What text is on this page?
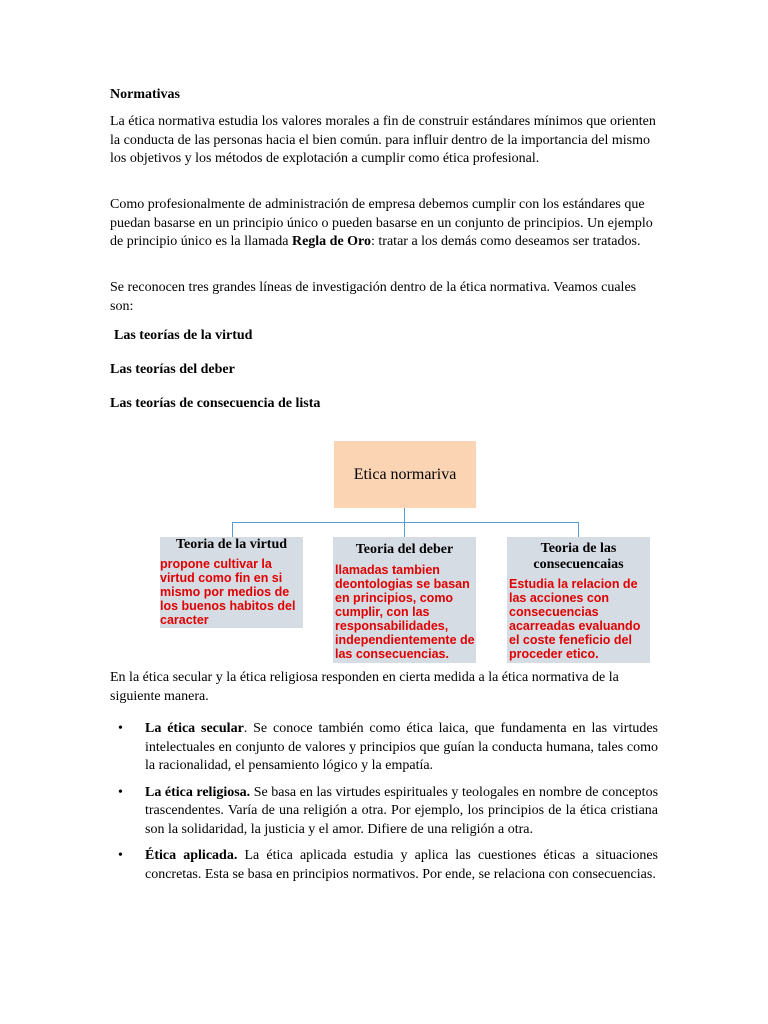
Normativas
La ética normativa estudia los valores morales a fin de construir estándares mínimos que orienten la conducta de las personas hacia el bien común. para influir dentro de la importancia del mismo los objetivos y los métodos de explotación a cumplir como ética profesional.
Como profesionalmente de administración de empresa debemos cumplir con los estándares que puedan basarse en un principio único o pueden basarse en un conjunto de principios. Un ejemplo de principio único es la llamada Regla de Oro: tratar a los demás como deseamos ser tratados.
Se reconocen tres grandes líneas de investigación dentro de la ética normativa. Veamos cuales son:
Las teorías de la virtud
Las teorías del deber
Las teorías de consecuencia de lista
Etica normariva
Teoria de la virtud
propone cultivar la virtud como fin en si mismo por medios de los buenos habitos del caracter
Teoria del deber
llamadas tambien deontologias se basan en principios, como cumplir, con las responsabilidades, independientemente de las consecuencias.
Teoria de las consecuencaias
Estudia la relacion de las acciones con consecuencias acarreadas evaluando el coste feneficio del proceder etico.
En la ética secular y la ética religiosa responden en cierta medida a la ética normativa de la siguiente manera.
• La ética secular. Se conoce también como ética laica, que fundamenta en las virtudes intelectuales en conjunto de valores y principios que guían la conducta humana, tales como la racionalidad, el pensamiento lógico y la empatía.
• La ética religiosa. Se basa en las virtudes espirituales y teologales en nombre de conceptos trascendentes. Varía de una religión a otra. Por ejemplo, los principios de la ética cristiana son la solidaridad, la justicia y el amor. Difiere de una religión a otra.
• Ética aplicada. La ética aplicada estudia y aplica las cuestiones éticas a situaciones concretas. Esta se basa en principios normativos. Por ende, se relaciona con consecuencias.
